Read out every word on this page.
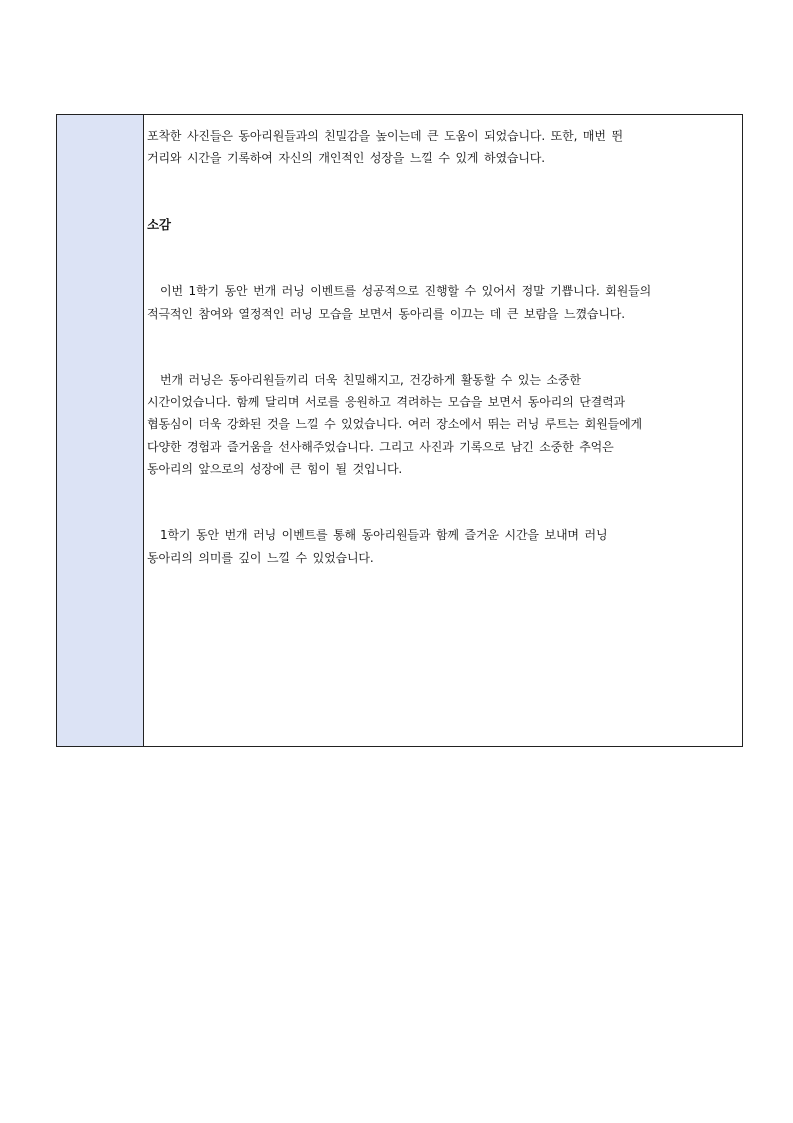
포착한 사진들은 동아리원들과의 친밀감을 높이는데 큰 도움이 되었습니다. 또한, 매번 뛴
거리와 시간을 기록하여 자신의 개인적인 성장을 느낄 수 있게 하였습니다.
소감
이번 1학기 동안 번개 러닝 이벤트를 성공적으로 진행할 수 있어서 정말 기쁩니다. 회원들의
적극적인 참여와 열정적인 러닝 모습을 보면서 동아리를 이끄는 데 큰 보람을 느꼈습니다.
번개 러닝은 동아리원들끼리 더욱 친밀해지고, 건강하게 활동할 수 있는 소중한
시간이었습니다. 함께 달리며 서로를 응원하고 격려하는 모습을 보면서 동아리의 단결력과
협동심이 더욱 강화된 것을 느낄 수 있었습니다. 여러 장소에서 뛰는 러닝 루트는 회원들에게
다양한 경험과 즐거움을 선사해주었습니다. 그리고 사진과 기록으로 남긴 소중한 추억은
동아리의 앞으로의 성장에 큰 힘이 될 것입니다.
1학기 동안 번개 러닝 이벤트를 통해 동아리원들과 함께 즐거운 시간을 보내며 러닝
동아리의 의미를 깊이 느낄 수 있었습니다.
